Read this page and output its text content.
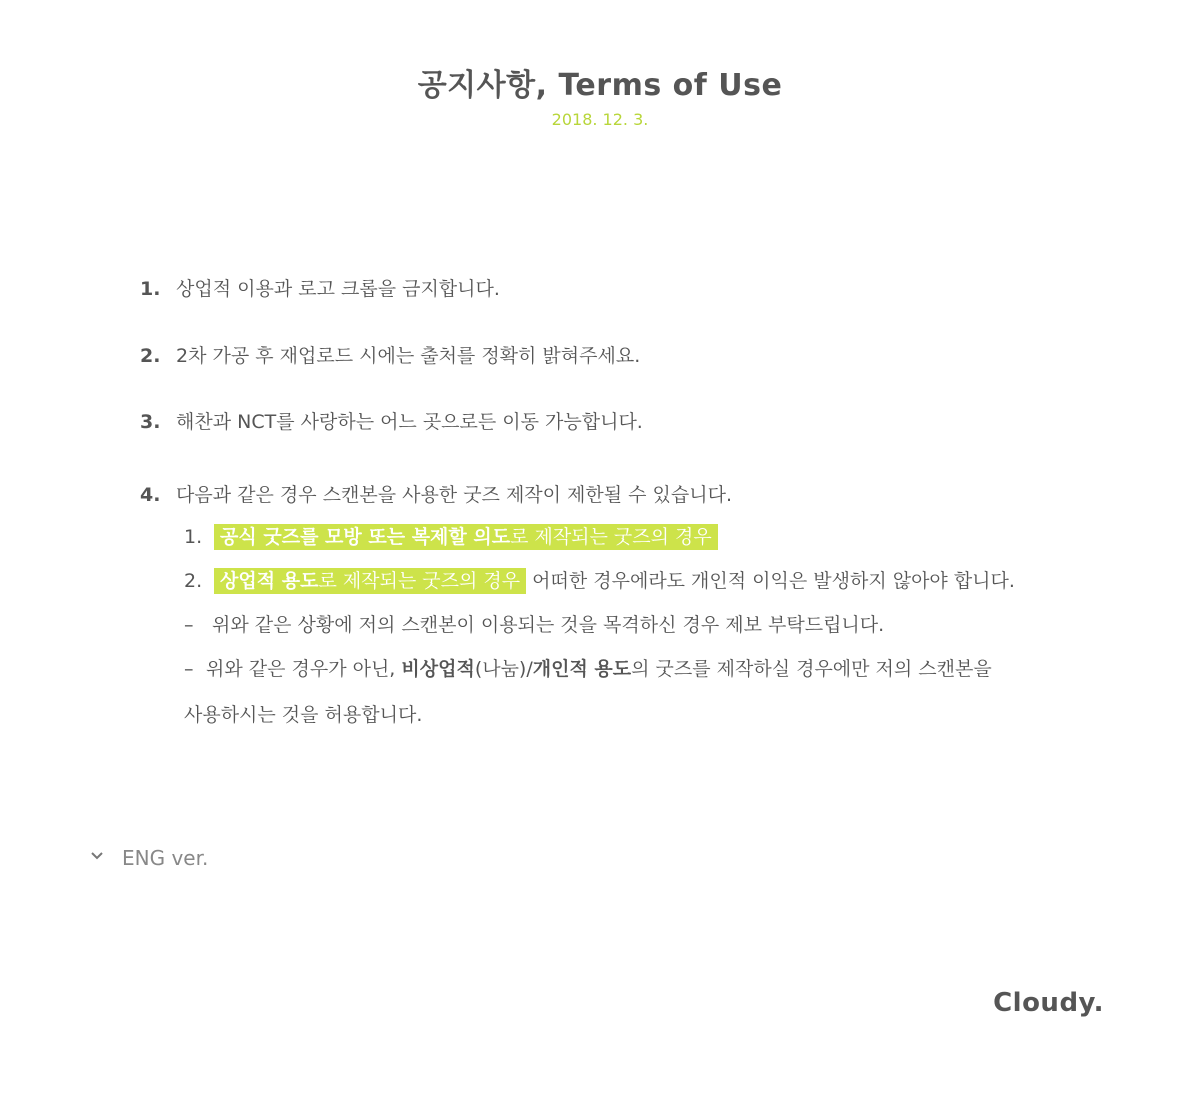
공지사항, Terms of Use
2018. 12. 3.
1. 상업적 이용과 로고 크롭을 금지합니다.
2. 2차 가공 후 재업로드 시에는 출처를 정확히 밝혀주세요.
3. 해찬과 NCT를 사랑하는 어느 곳으로든 이동 가능합니다.
4. 다음과 같은 경우 스캔본을 사용한 굿즈 제작이 제한될 수 있습니다.
1. 공식 굿즈를 모방 또는 복제할 의도로 제작되는 굿즈의 경우
2. 상업적 용도로 제작되는 굿즈의 경우 어떠한 경우에라도 개인적 이익은 발생하지 않아야 합니다.
– 위와 같은 상황에 저의 스캔본이 이용되는 것을 목격하신 경우 제보 부탁드립니다.
– 위와 같은 경우가 아닌, 비상업적(나눔)/개인적 용도의 굿즈를 제작하실 경우에만 저의 스캔본을
사용하시는 것을 허용합니다.
ENG ver.
Cloudy.
